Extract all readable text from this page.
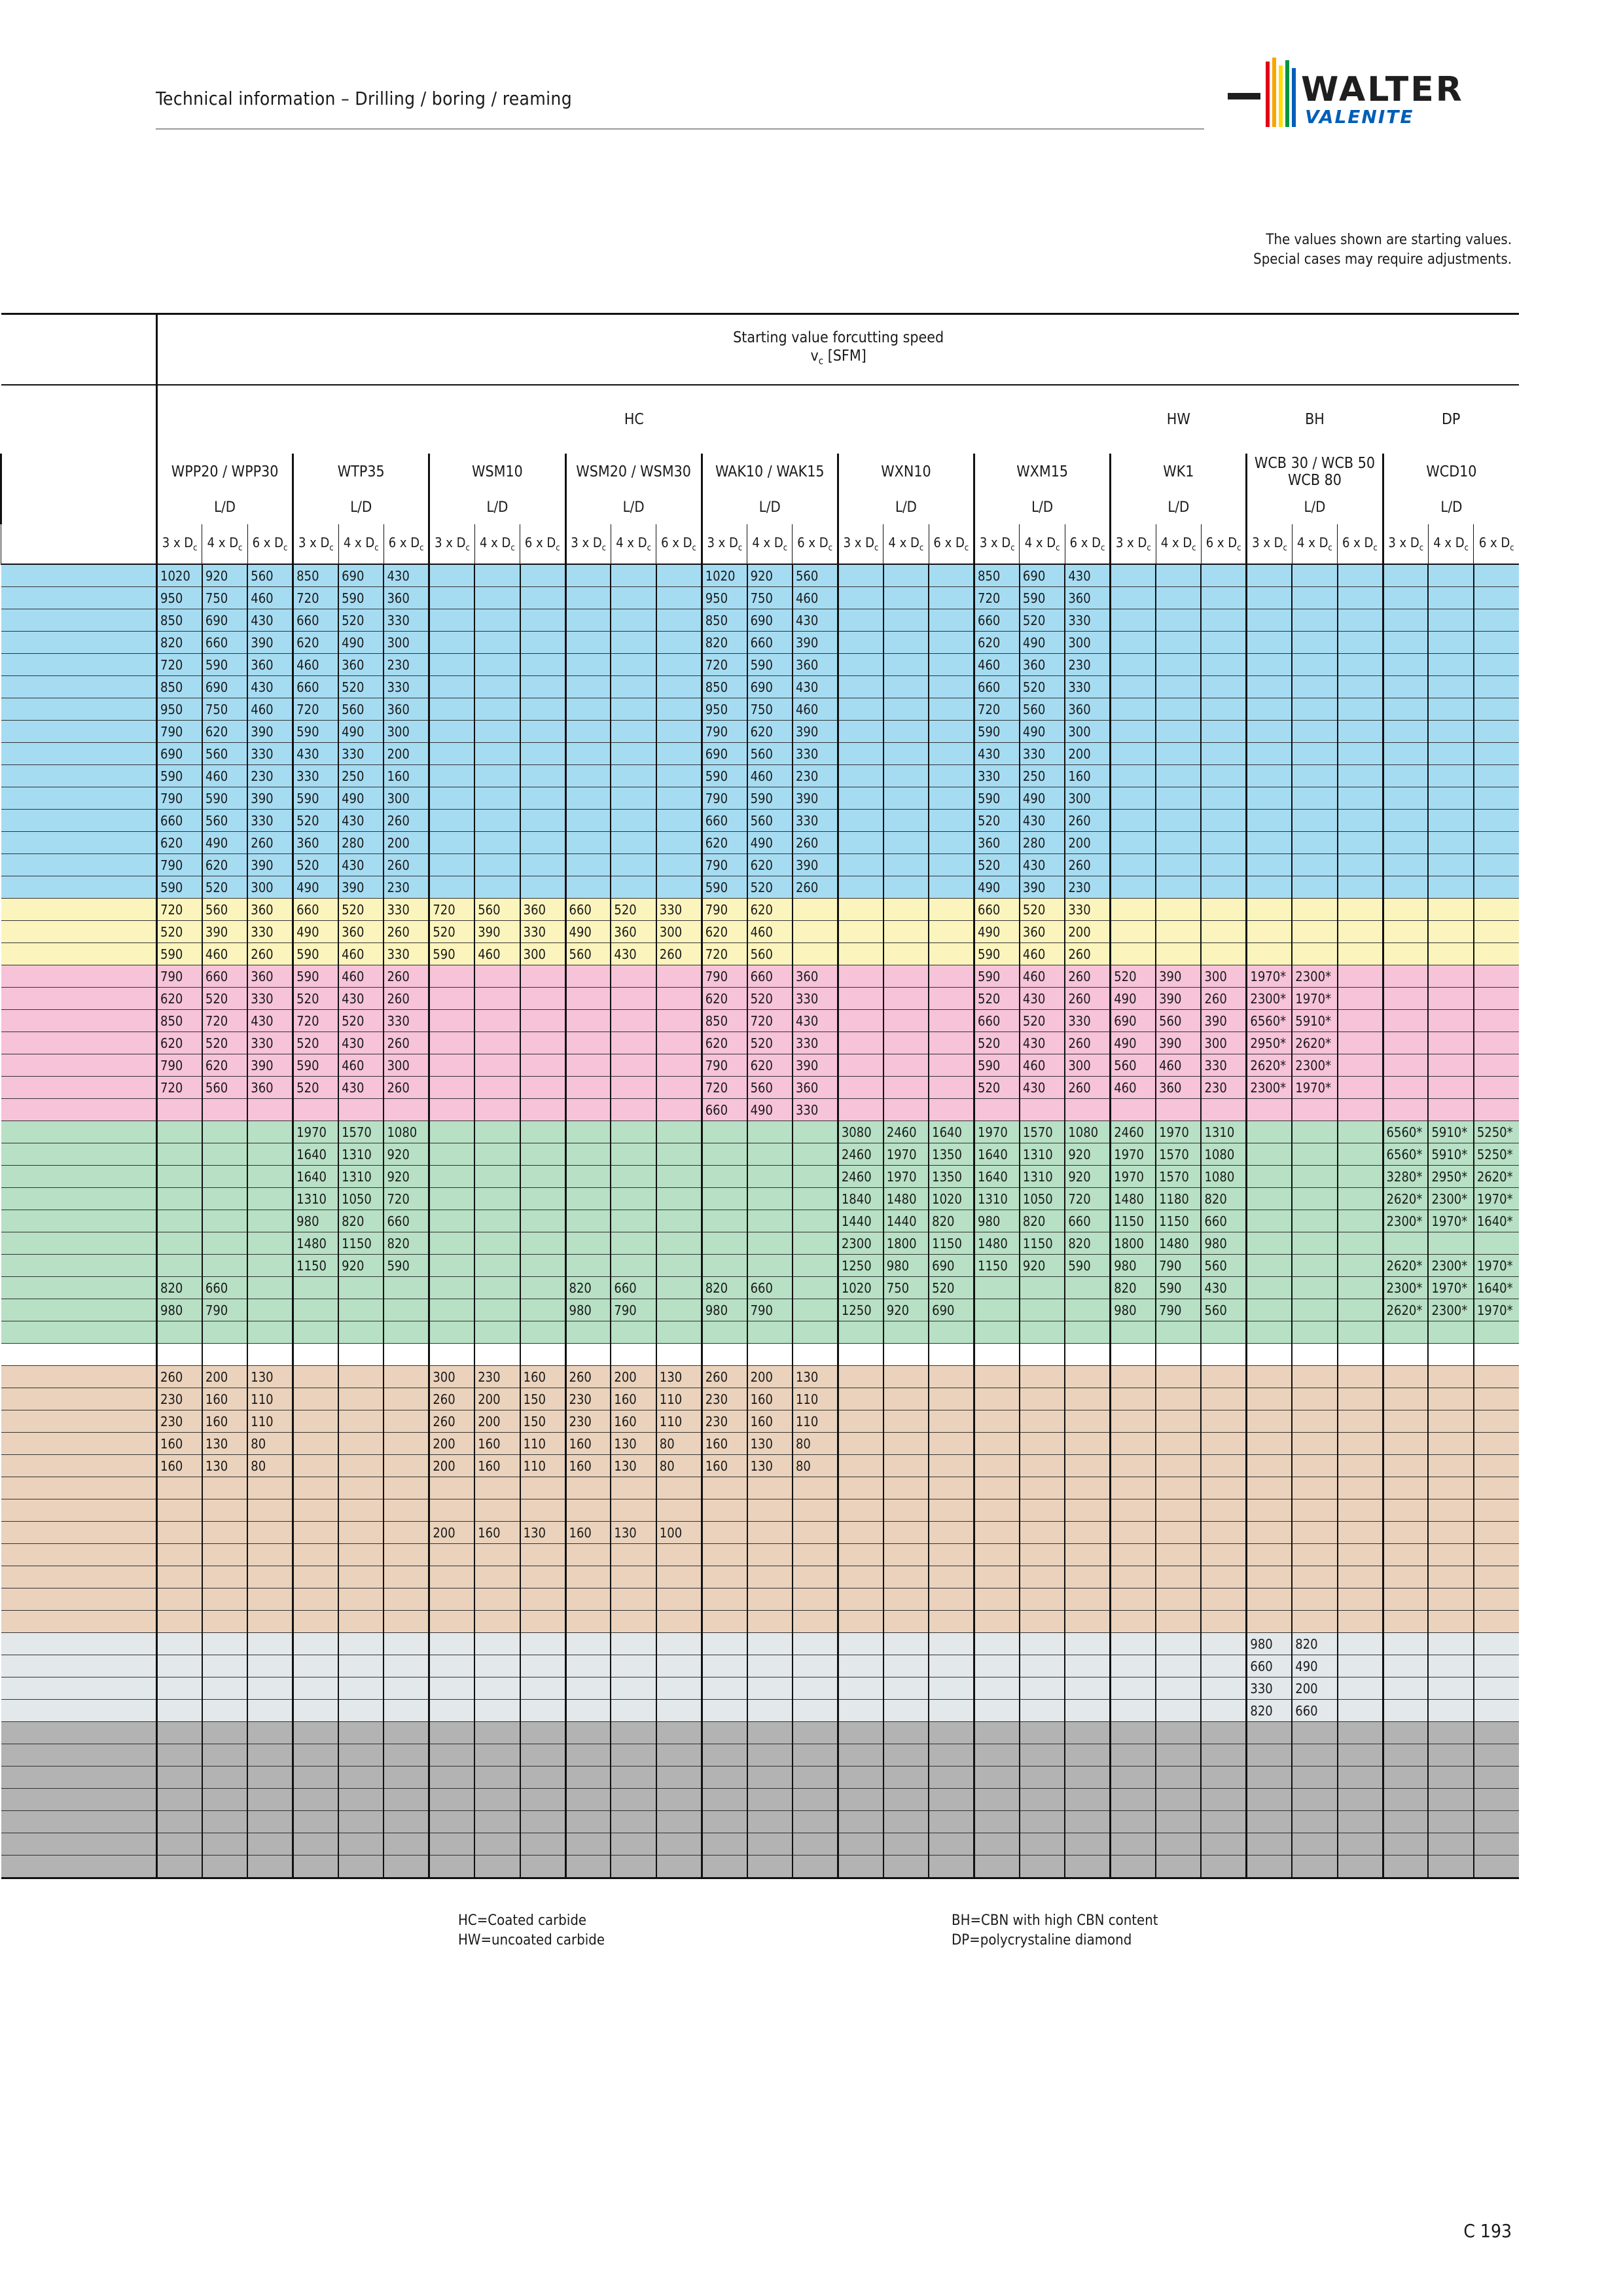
Technical information – Drilling / boring / reaming	WALTER
VALENITE
The values shown are starting values.
Special cases may require adjustments.

	Starting value forcutting speed
$v_c$ [SFM]																													

	HC																					HW			BH			DP		
	WPP20 / WPP30			WTP35			WSM10			WSM20 / WSM30			WAK10 / WAK15			WXN10			WXM15			WK1			WCB 30 / WCB 50
WCB 80			WCD10		
	L/D			L/D			L/D			L/D			L/D			L/D			L/D			L/D			L/D			L/D		
	3 x $D_c$	4 x $D_c$	6 x $D_c$	3 x $D_c$	4 x $D_c$	6 x $D_c$	3 x $D_c$	4 x $D_c$	6 x $D_c$	3 x $D_c$	4 x $D_c$	6 x $D_c$	3 x $D_c$	4 x $D_c$	6 x $D_c$	3 x $D_c$	4 x $D_c$	6 x $D_c$	3 x $D_c$	4 x $D_c$	6 x $D_c$	3 x $D_c$	4 x $D_c$	6 x $D_c$	3 x $D_c$	4 x $D_c$	6 x $D_c$	3 x $D_c$	4 x $D_c$	6 x $D_c$
	1020	920	560	850	690	430							1020	920	560				850	690	430									
	950	750	460	720	590	360							950	750	460				720	590	360									
	850	690	430	660	520	330							850	690	430				660	520	330									
	820	660	390	620	490	300							820	660	390				620	490	300									
	720	590	360	460	360	230							720	590	360				460	360	230									
	850	690	430	660	520	330							850	690	430				660	520	330									
	950	750	460	720	560	360							950	750	460				720	560	360									
	790	620	390	590	490	300							790	620	390				590	490	300									
	690	560	330	430	330	200							690	560	330				430	330	200									
	590	460	230	330	250	160							590	460	230				330	250	160									
	790	590	390	590	490	300							790	590	390				590	490	300									
	660	560	330	520	430	260							660	560	330				520	430	260									
	620	490	260	360	280	200							620	490	260				360	280	200									
	790	620	390	520	430	260							790	620	390				520	430	260									
	590	520	300	490	390	230							590	520	260				490	390	230									
	720	560	360	660	520	330	720	560	360	660	520	330	790	620					660	520	330									
	520	390	330	490	360	260	520	390	330	490	360	300	620	460					490	360	200									
	590	460	260	590	460	330	590	460	300	560	430	260	720	560					590	460	260									
	790	660	360	590	460	260							790	660	360				590	460	260	520	390	300	1970*	2300*				
	620	520	330	520	430	260							620	520	330				520	430	260	490	390	260	2300*	1970*				
	850	720	430	720	520	330							850	720	430				660	520	330	690	560	390	6560*	5910*				
	620	520	330	520	430	260							620	520	330				520	430	260	490	390	300	2950*	2620*				
	790	620	390	590	460	300							790	620	390				590	460	300	560	460	330	2620*	2300*				
	720	560	360	520	430	260							720	560	360				520	430	260	460	360	230	2300*	1970*				
													660	490	330															
				1970	1570	1080										3080	2460	1640	1970	1570	1080	2460	1970	1310				6560*	5910*	5250*
				1640	1310	920										2460	1970	1350	1640	1310	920	1970	1570	1080				6560*	5910*	5250*
				1640	1310	920										2460	1970	1350	1640	1310	920	1970	1570	1080				3280*	2950*	2620*
				1310	1050	720										1840	1480	1020	1310	1050	720	1480	1180	820				2620*	2300*	1970*
				980	820	660										1440	1440	820	980	820	660	1150	1150	660				2300*	1970*	1640*
				1480	1150	820										2300	1800	1150	1480	1150	820	1800	1480	980						
				1150	920	590										1250	980	690	1150	920	590	980	790	560				2620*	2300*	1970*
	820	660								820	660		820	660		1020	750	520				820	590	430				2300*	1970*	1640*
	980	790								980	790		980	790		1250	920	690				980	790	560				2620*	2300*	1970*

	260	200	130				300	230	160	260	200	130	260	200	130															
	230	160	110				260	200	150	230	160	110	230	160	110															
	230	160	110				260	200	150	230	160	110	230	160	110															
	160	130	80				200	160	110	160	130	80	160	130	80															
	160	130	80				200	160	110	160	130	80	160	130	80															

							200	160	130	160	130	100																		

																									980	820				
																									660	490				
																									330	200				
																									820	660				

HC=Coated carbide
HW=uncoated carbide
BH=CBN with high CBN content
DP=polycrystaline diamond
C 193
